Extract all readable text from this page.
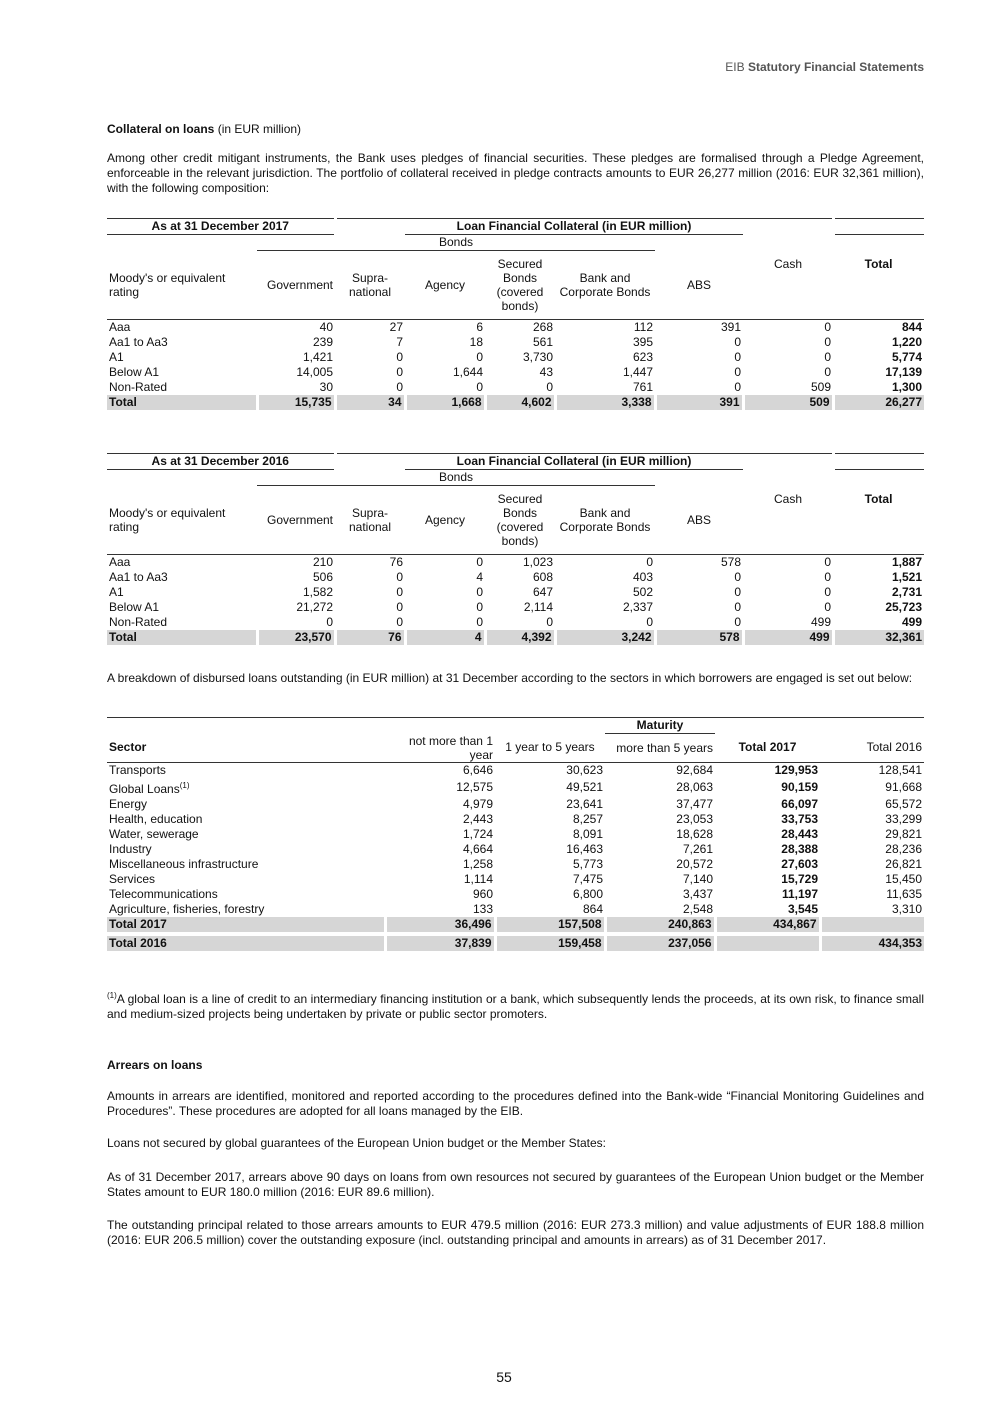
EIB Statutory Financial Statements
Collateral on loans (in EUR million)

Among other credit mitigant instruments, the Bank uses pledges of financial securities. These pledges are formalised through a Pledge Agreement, enforceable in the relevant jurisdiction. The portfolio of collateral received in pledge contracts amounts to EUR 26,277 million (2016: EUR 32,361 million), with the following composition:

As at 31 December 2017			Loan Financial Collateral (in EUR million)					
	Bonds							
Moody's or equivalent rating	Government	Supra-national	Agency	Secured Bonds (covered bonds)	Bank and Corporate Bonds	ABS	Cash	Total
Aaa	40	27	6	268	112	391	0	844
Aa1 to Aa3	239	7	18	561	395	0	0	1,220
A1	1,421	0	0	3,730	623	0	0	5,774
Below A1	14,005	0	1,644	43	1,447	0	0	17,139
Non-Rated	30	0	0	0	761	0	509	1,300
Total	15,735	34	1,668	4,602	3,338	391	509	26,277
As at 31 December 2016			Loan Financial Collateral (in EUR million)					
	Bonds							
Moody's or equivalent rating	Government	Supra-national	Agency	Secured Bonds (covered bonds)	Bank and Corporate Bonds	ABS	Cash	Total
Aaa	210	76	0	1,023	0	578	0	1,887
Aa1 to Aa3	506	0	4	608	403	0	0	1,521
A1	1,582	0	0	647	502	0	0	2,731
Below A1	21,272	0	0	2,114	2,337	0	0	25,723
Non-Rated	0	0	0	0	0	0	499	499
Total	23,570	76	4	4,392	3,242	578	499	32,361

A breakdown of disbursed loans outstanding (in EUR million) at 31 December according to the sectors in which borrowers are engaged is set out below:

			Maturity		
Sector	not more than 1 year	1 year to 5 years	more than 5 years	Total 2017	Total 2016
Transports	6,646	30,623	92,684	129,953	128,541
Global Loans$^{(1)}$	12,575	49,521	28,063	90,159	91,668
Energy	4,979	23,641	37,477	66,097	65,572
Health, education	2,443	8,257	23,053	33,753	33,299
Water, sewerage	1,724	8,091	18,628	28,443	29,821
Industry	4,664	16,463	7,261	28,388	28,236
Miscellaneous infrastructure	1,258	5,773	20,572	27,603	26,821
Services	1,114	7,475	7,140	15,729	15,450
Telecommunications	960	6,800	3,437	11,197	11,635
Agriculture, fisheries, forestry	133	864	2,548	3,545	3,310
Total 2017	36,496	157,508	240,863	434,867	
Total 2016	37,839	159,458	237,056		434,353

$^{(1)}$A global loan is a line of credit to an intermediary financing institution or a bank, which subsequently lends the proceeds, at its own risk, to finance small and medium-sized projects being undertaken by private or public sector promoters.

Arrears on loans

Amounts in arrears are identified, monitored and reported according to the procedures defined into the Bank-wide “Financial Monitoring Guidelines and Procedures”. These procedures are adopted for all loans managed by the EIB.

Loans not secured by global guarantees of the European Union budget or the Member States:

As of 31 December 2017, arrears above 90 days on loans from own resources not secured by guarantees of the European Union budget or the Member States amount to EUR 180.0 million (2016: EUR 89.6 million).

The outstanding principal related to those arrears amounts to EUR 479.5 million (2016: EUR 273.3 million) and value adjustments of EUR 188.8 million (2016: EUR 206.5 million) cover the outstanding exposure (incl. outstanding principal and amounts in arrears) as of 31 December 2017.

55
